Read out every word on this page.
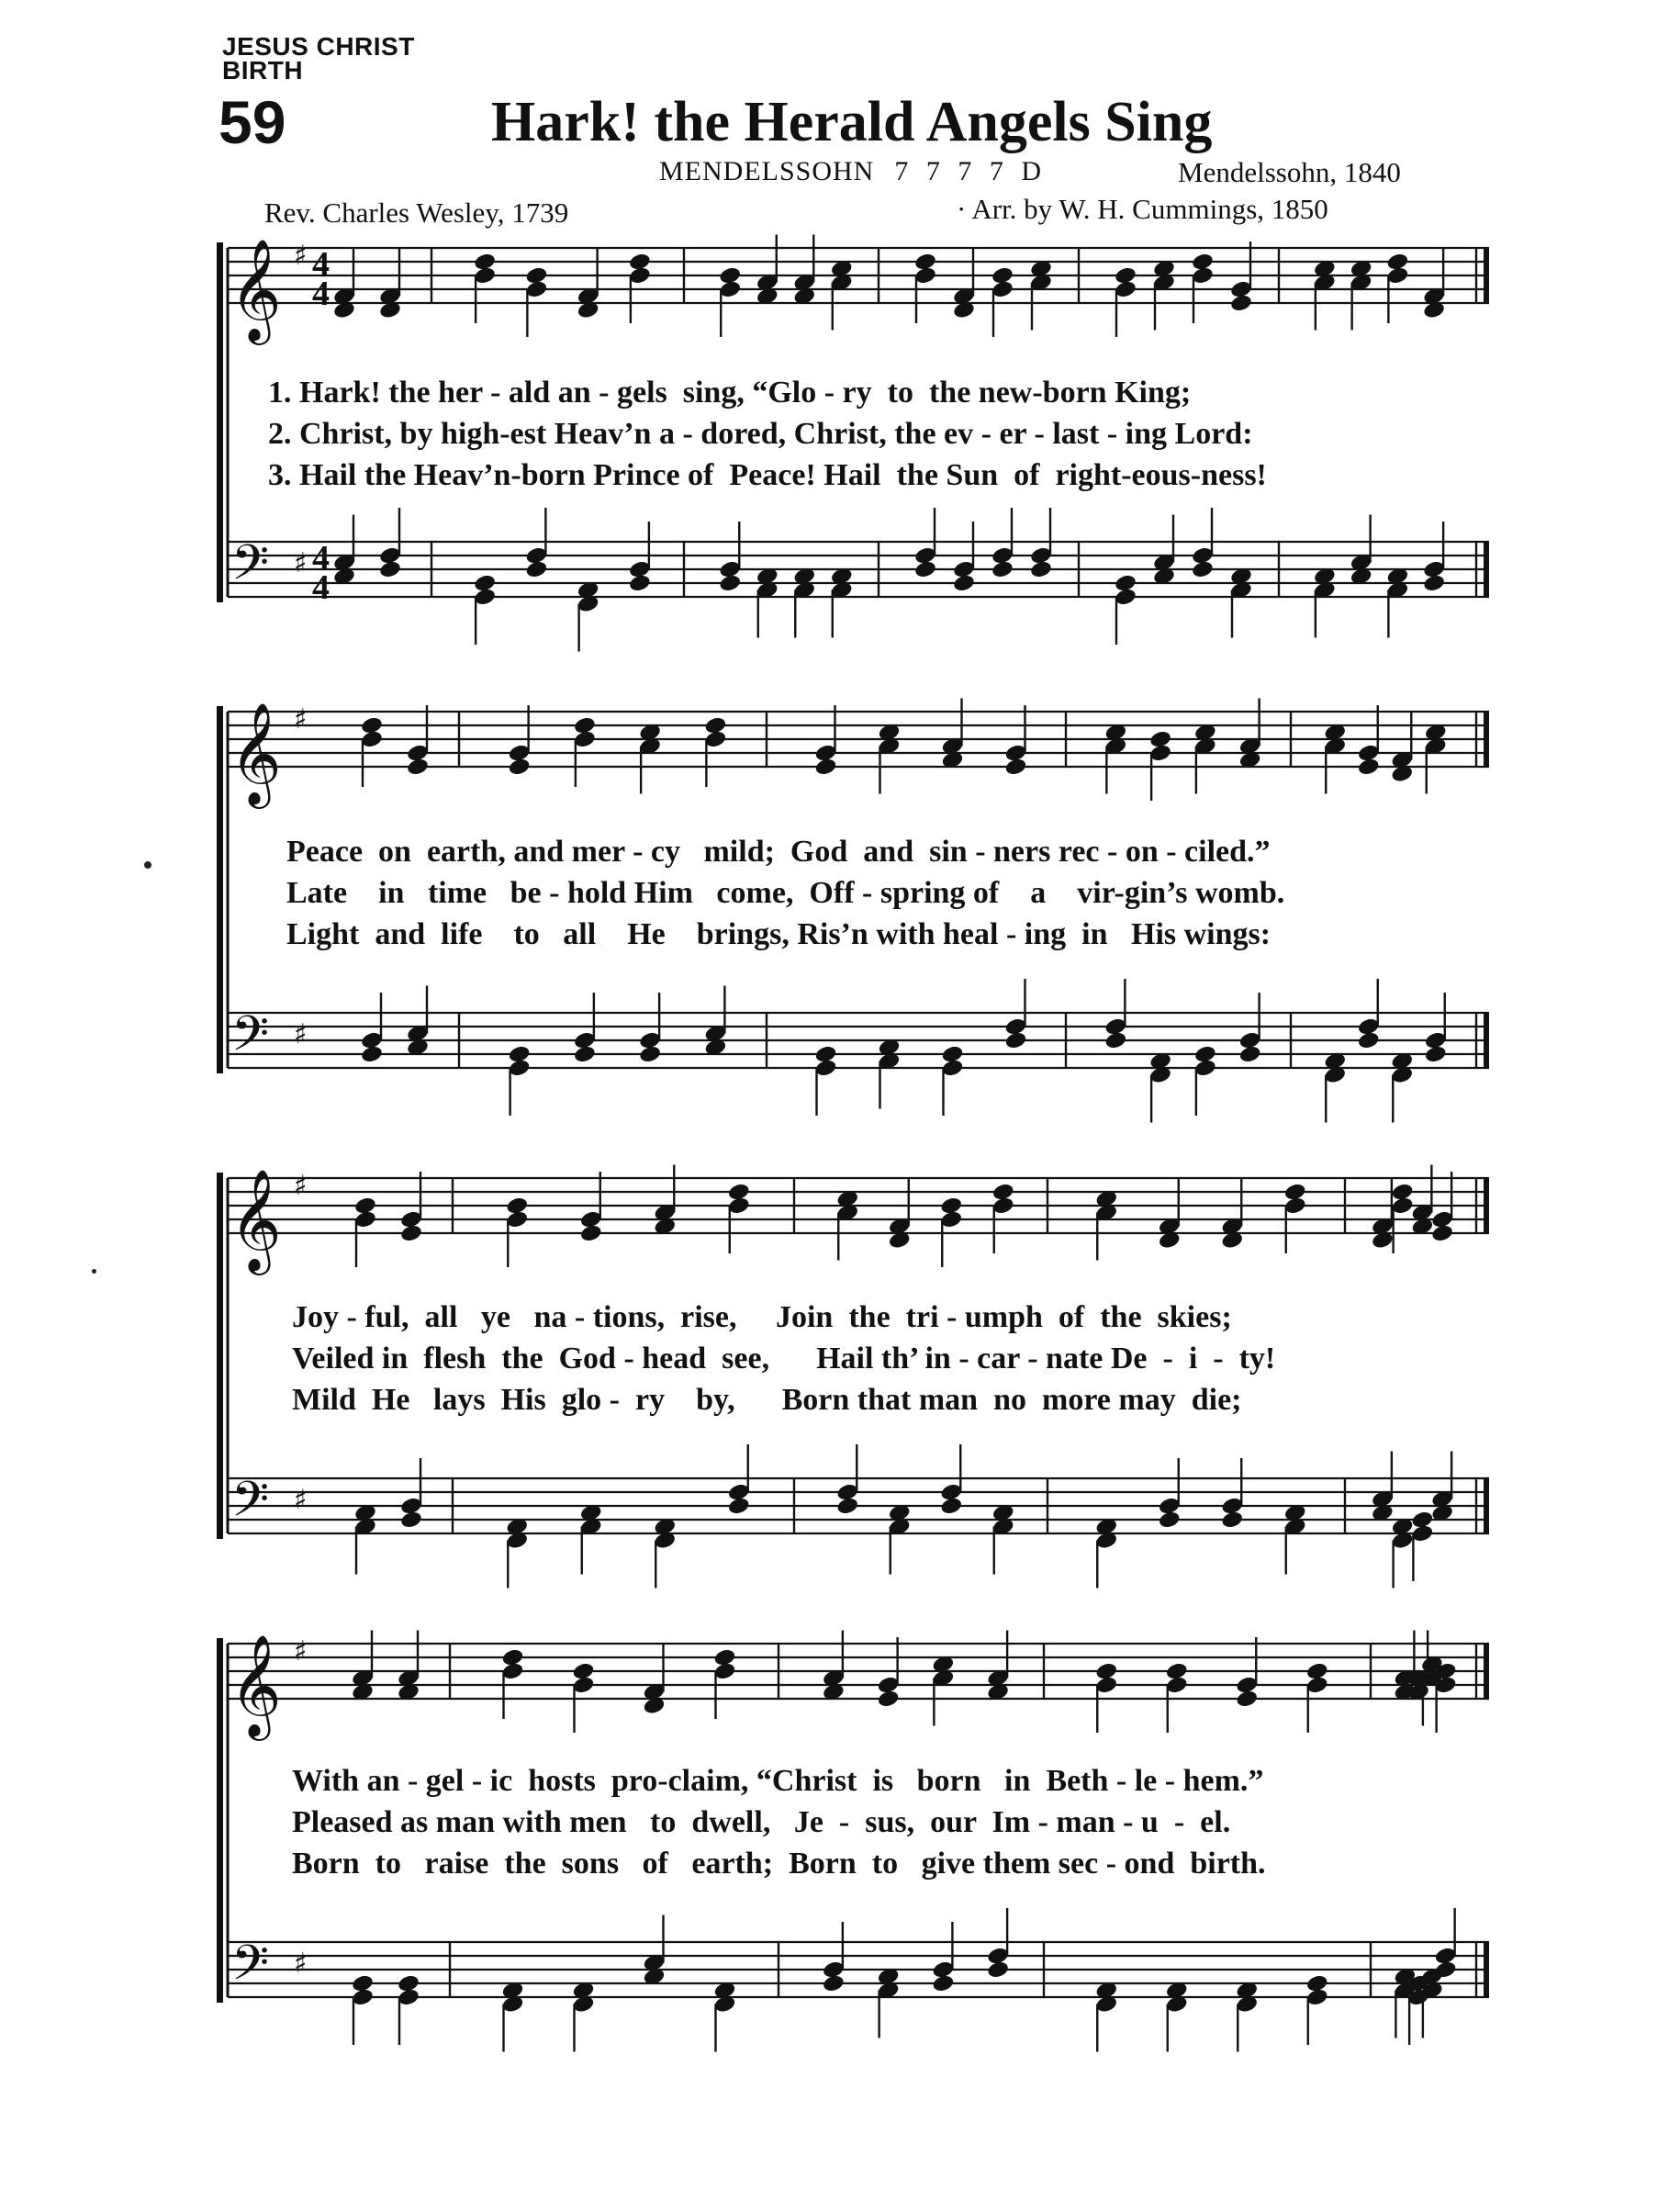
JESUS CHRIST
BIRTH
59	Hark! the Herald Angels Sing
MENDELSSOHN 7 7 7 7 D	Mendelssohn, 1840
Rev. Charles Wesley, 1739	· Arr. by W. H. Cummings, 1850
𝄞 ♯ 4
4
𝄢 ♯ 4
4
𝄞 ♯
𝄢 ♯
𝄞 ♯
𝄢 ♯
𝄞 ♯
𝄢 ♯
1. Hark! the her - ald an - gels  sing, “Glo - ry  to  the new-born King;
2. Christ, by high-est Heav’n a - dored, Christ, the ev - er - last - ing Lord:
3. Hail the Heav’n-born Prince of  Peace! Hail  the Sun  of  right-eous-ness!
Peace  on  earth, and mer - cy   mild;  God  and  sin - ners rec - on - ciled.”
Late    in   time   be - hold Him   come,  Off - spring of    a    vir-gin’s womb.
Light  and  life    to   all    He    brings, Ris’n with heal - ing  in   His wings:
Joy - ful,  all   ye   na - tions,  rise,     Join  the  tri - umph  of  the  skies;
Veiled in  flesh  the  God - head  see,      Hail th’ in - car - nate De  -  i  -  ty!
Mild  He   lays  His  glo -  ry    by,      Born that man  no  more may  die;
With an - gel - ic  hosts  pro-claim, “Christ  is   born   in  Beth - le - hem.”
Pleased as man with men   to  dwell,   Je  -  sus,  our  Im - man - u  -  el.
Born  to   raise  the  sons   of   earth;  Born  to   give them sec - ond  birth.
